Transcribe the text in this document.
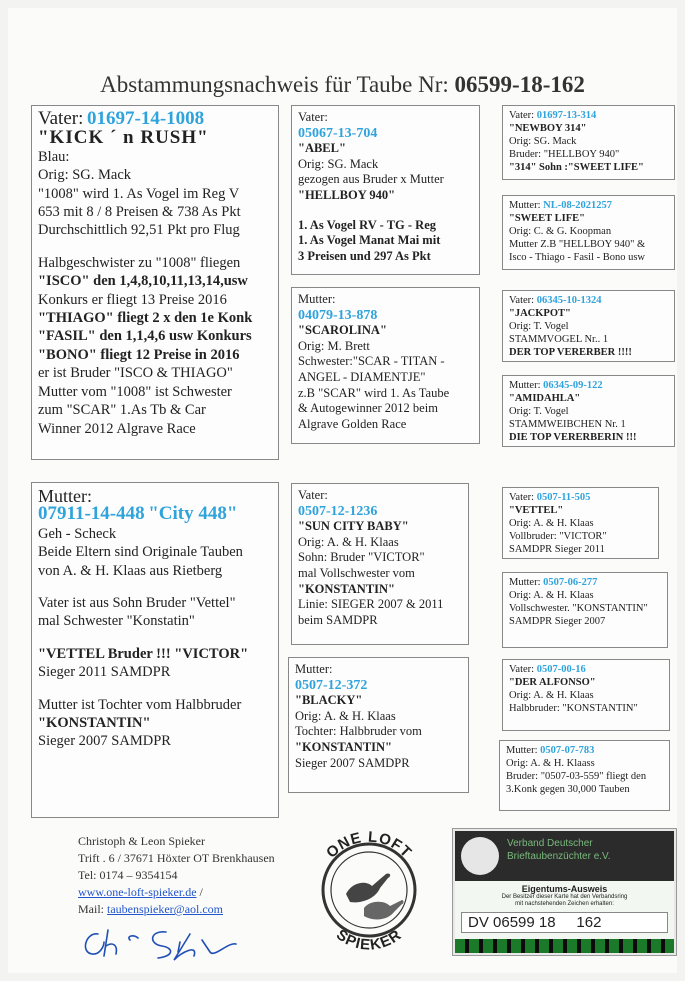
Abstammungsnachweis für Taube Nr: 06599-18-162
Vater: 01697-14-1008
"KICK ´ n RUSH"
Blau:
Orig: SG. Mack
"1008" wird 1. As Vogel im Reg V
653 mit 8 / 8 Preisen & 738 As Pkt
Durchschittlich 92,51 Pkt pro Flug
Halbgeschwister zu "1008" fliegen
"ISCO" den 1,4,8,10,11,13,14,usw
Konkurs er fliegt 13 Preise 2016
"THIAGO" fliegt 2 x den 1e Konk
"FASIL" den 1,1,4,6 usw Konkurs
"BONO" fliegt 12 Preise in 2016
er ist Bruder "ISCO & THIAGO"
Mutter vom "1008" ist Schwester
zum "SCAR" 1.As Tb & Car
Winner 2012 Algrave Race
Mutter:
07911-14-448 "City 448"
Geh - Scheck
Beide Eltern sind Originale Tauben
von A. & H. Klaas aus Rietberg
Vater ist aus Sohn Bruder "Vettel"
mal Schwester "Konstatin"
"VETTEL Bruder !!! "VICTOR"
Sieger 2011 SAMDPR
Mutter ist Tochter vom Halbbruder
"KONSTANTIN"
Sieger 2007 SAMDPR
Vater:
05067-13-704
"ABEL"
Orig: SG. Mack
gezogen aus Bruder x Mutter
"HELLBOY 940"
1. As Vogel RV - TG - Reg
1. As Vogel Manat Mai mit
3 Preisen und 297 As Pkt
Mutter:
04079-13-878
"SCAROLINA"
Orig: M. Brett
Schwester:"SCAR - TITAN -
ANGEL - DIAMENTJE"
z.B "SCAR" wird 1. As Taube
& Autogewinner 2012 beim
Algrave Golden Race
Vater:
0507-12-1236
"SUN CITY BABY"
Orig: A. & H. Klaas
Sohn: Bruder "VICTOR"
mal Vollschwester vom
"KONSTANTIN"
Linie: SIEGER 2007 & 2011
beim SAMDPR
Mutter:
0507-12-372
"BLACKY"
Orig: A. & H. Klaas
Tochter: Halbbruder vom
"KONSTANTIN"
Sieger 2007 SAMDPR
Vater: 01697-13-314
"NEWBOY 314"
Orig: SG. Mack
Bruder: "HELLBOY 940"
"314" Sohn :"SWEET LIFE"
Mutter: NL-08-2021257
"SWEET LIFE"
Orig: C. & G. Koopman
Mutter Z.B "HELLBOY 940" &
Isco - Thiago - Fasil - Bono usw
Vater: 06345-10-1324
"JACKPOT"
Orig: T. Vogel
STAMMVOGEL Nr.. 1
DER TOP VERERBER !!!!
Mutter: 06345-09-122
"AMIDAHLA"
Orig: T. Vogel
STAMMWEIBCHEN Nr. 1
DIE TOP VERERBERIN !!!
Vater: 0507-11-505
"VETTEL"
Orig: A. & H. Klaas
Vollbruder: "VICTOR"
SAMDPR Sieger 2011
Mutter: 0507-06-277
Orig: A. & H. Klaas
Vollschwester. "KONSTANTIN"
SAMDPR Sieger 2007
Vater: 0507-00-16
"DER ALFONSO"
Orig: A. & H. Klaas
Halbbruder: "KONSTANTIN"
Mutter: 0507-07-783
Orig: A. & H. Klaass
Bruder: "0507-03-559" fliegt den
3.Konk gegen 30,000 Tauben
Christoph & Leon Spieker
Trift . 6 / 37671 Höxter OT Brenkhausen
Tel: 0174 – 9354154
www.one-loft-spieker.de /
Mail: taubenspieker@aol.com
ONE LOFT
SPIEKER
Verband Deutscher
Brieftaubenzüchter e.V.
Eigentums-Ausweis
Der Besitzer dieser Karte hat den Verbandsring
mit nachstehenden Zeichen erhalten:
DV 06599 18     162
